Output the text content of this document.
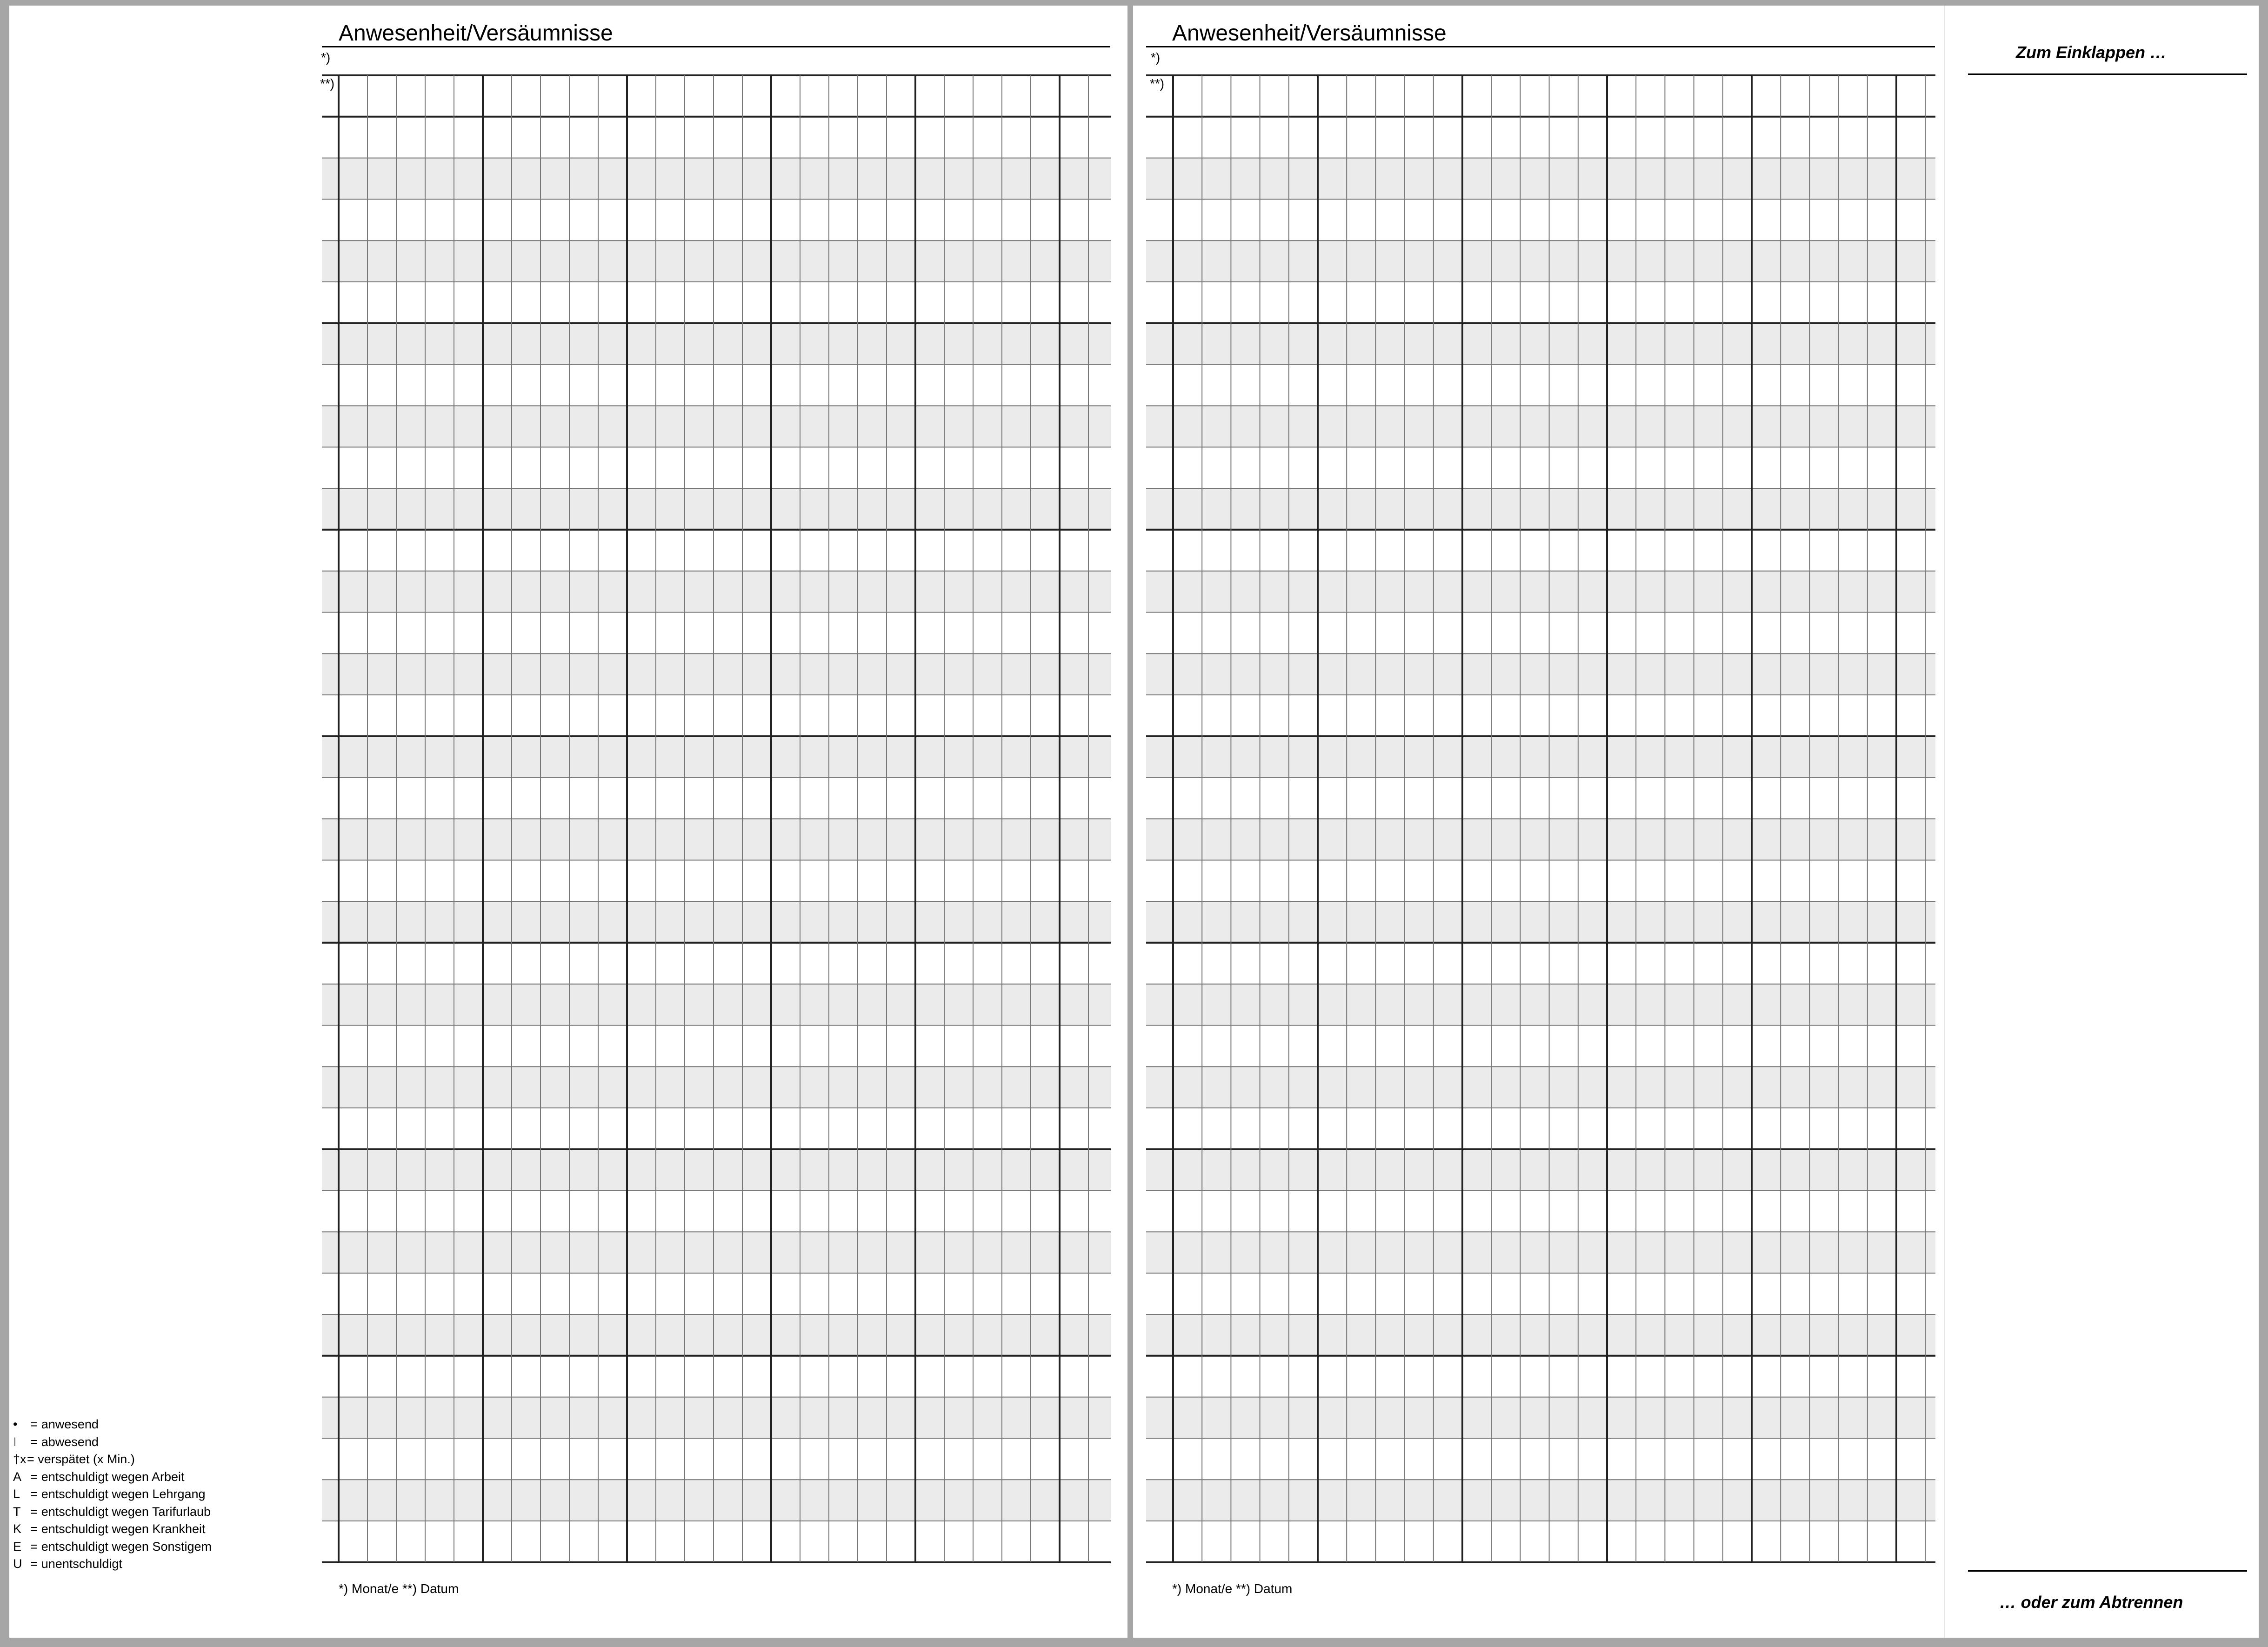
Anwesenheit/Versäumnisse
*)
**)
*) Monat/e **) Datum
• = anwesend
I = abwesend
†x= verspätet (x Min.)
A = entschuldigt wegen Arbeit
L = entschuldigt wegen Lehrgang
T = entschuldigt wegen Tarifurlaub
K = entschuldigt wegen Krankheit
E = entschuldigt wegen Sonstigem
U = unentschuldigt
Anwesenheit/Versäumnisse
*)
**)
*) Monat/e **) Datum
Zum Einklappen …
… oder zum Abtrennen
